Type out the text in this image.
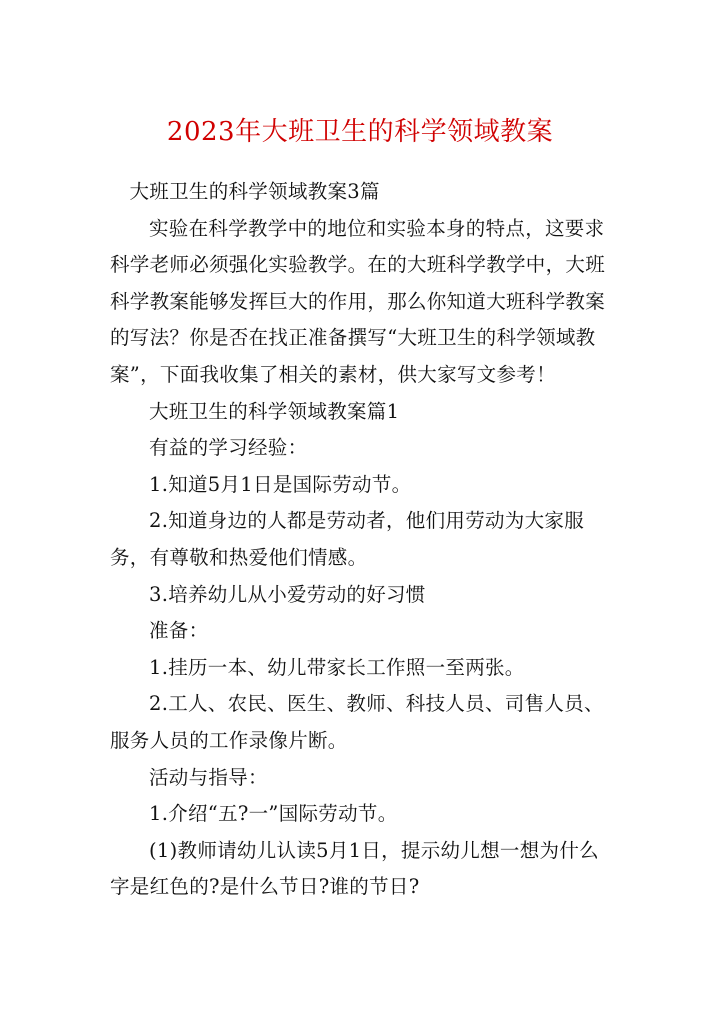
2023年大班卫生的科学领域教案

大班卫生的科学领域教案3篇

实验在科学教学中的地位和实验本身的特点，这要求科学老师必须强化实验教学。在的大班科学教学中，大班科学教案能够发挥巨大的作用，那么你知道大班科学教案的写法？你是否在找正准备撰写“大班卫生的科学领域教案”，下面我收集了相关的素材，供大家写文参考！

大班卫生的科学领域教案篇1

有益的学习经验：

1.知道5月1日是国际劳动节。

2.知道身边的人都是劳动者，他们用劳动为大家服务，有尊敬和热爱他们情感。

3.培养幼儿从小爱劳动的好习惯

准备：

1.挂历一本、幼儿带家长工作照一至两张。

2.工人、农民、医生、教师、科技人员、司售人员、服务人员的工作录像片断。

活动与指导：

1.介绍“五?一”国际劳动节。

(1)教师请幼儿认读5月1日，提示幼儿想一想为什么字是红色的?是什么节日?谁的节日?
